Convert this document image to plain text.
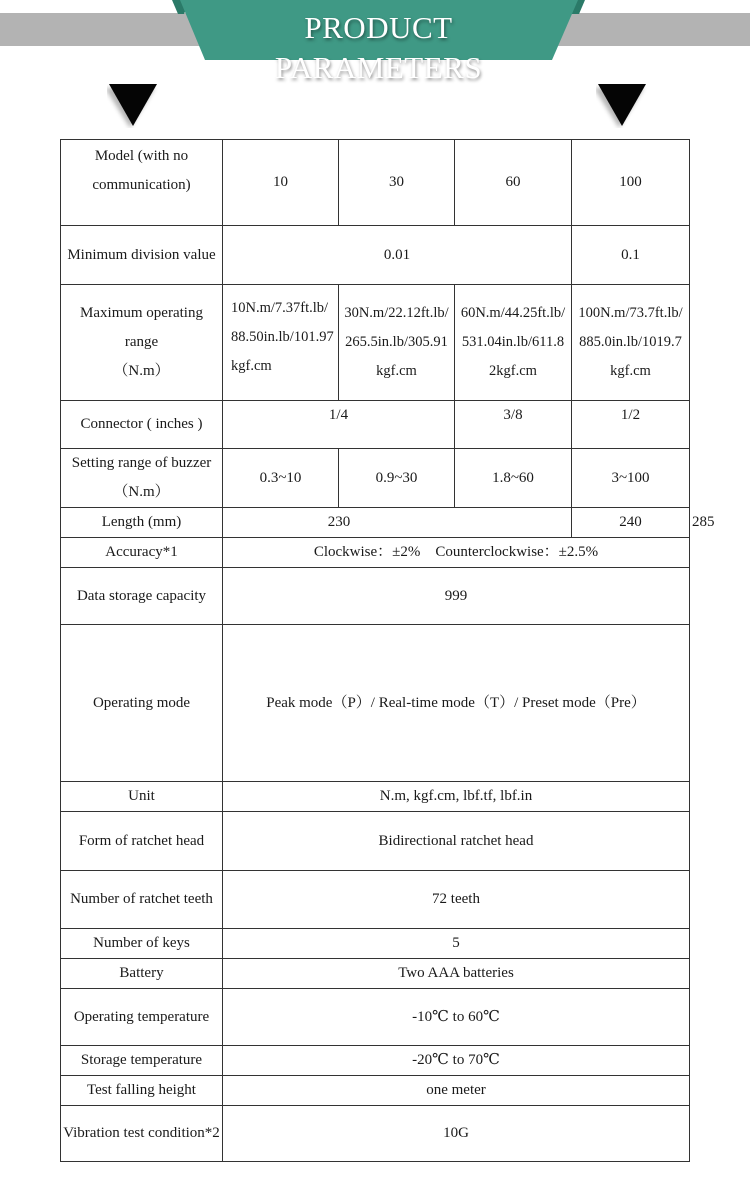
PRODUCT PARAMETERS
Model (with no communication)	10	30	60	100	
Minimum division value	0.01			0.1	
Maximum operating range
（N.m）	10N.m/7.37ft.lb/88.50in.lb/101.97kgf.cm	30N.m/22.12ft.lb/265.5in.lb/305.91kgf.cm	60N.m/44.25ft.lb/531.04in.lb/611.82kgf.cm	100N.m/73.7ft.lb/885.0in.lb/1019.7kgf.cm	
Connector ( inches )	1/4		3/8	1/2	
Setting range of buzzer（N.m）	0.3~10	0.9~30	1.8~60	3~100	
Length (mm)	230			240	285
Accuracy*1	Clockwise：±2%　Counterclockwise：±2.5%				
Data storage capacity	999				
Operating mode	Peak mode（P）/ Real-time mode（T）/ Preset mode（Pre）				
Unit	N.m, kgf.cm, lbf.tf, lbf.in				
Form of ratchet head	Bidirectional ratchet head				
Number of ratchet teeth	72 teeth				
Number of keys	5				
Battery	Two AAA batteries				
Operating temperature	-10℃ to 60℃				
Storage temperature	-20℃ to 70℃				
Test falling height	one meter				
Vibration test condition*2	10G				
